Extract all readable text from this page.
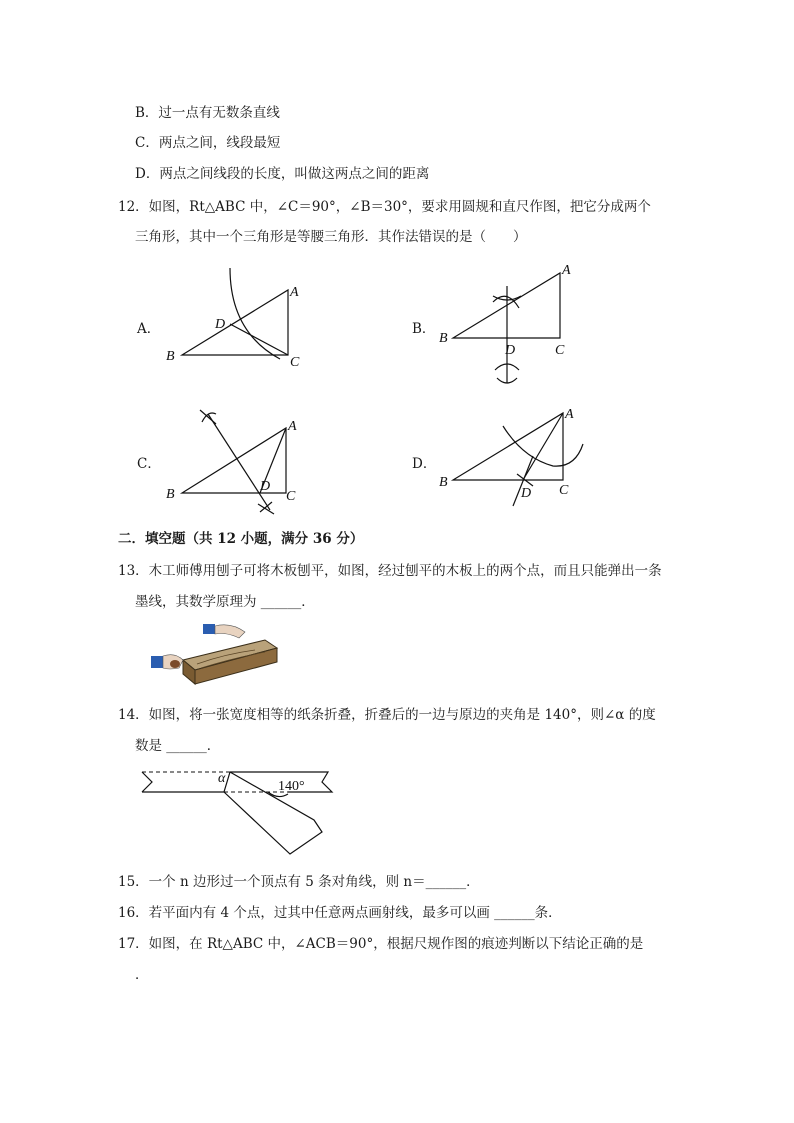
B．过一点有无数条直线
C．两点之间，线段最短
D．两点之间线段的长度，叫做这两点之间的距离
12．如图，Rt△ABC 中，∠C＝90°，∠B＝30°，要求用圆规和直尺作图，把它分成两个
三角形，其中一个三角形是等腰三角形．其作法错误的是（　　）
A．	B．
C．	D．
A
B	C
D
A
B
C
D
A
B	C
D
A
B
C
D
二．填空题（共 12 小题，满分 36 分）
13．木工师傅用刨子可将木板刨平，如图，经过刨平的木板上的两个点，而且只能弹出一条
墨线，其数学原理为 ______．
14．如图，将一张宽度相等的纸条折叠，折叠后的一边与原边的夹角是 140°，则∠α 的度
数是 ______．
α
140°
15．一个 n 边形过一个顶点有 5 条对角线，则 n＝______．
16．若平面内有 4 个点，过其中任意两点画射线，最多可以画 ______条．
17．如图，在 Rt△ABC 中，∠ACB＝90°，根据尺规作图的痕迹判断以下结论正确的是
．
